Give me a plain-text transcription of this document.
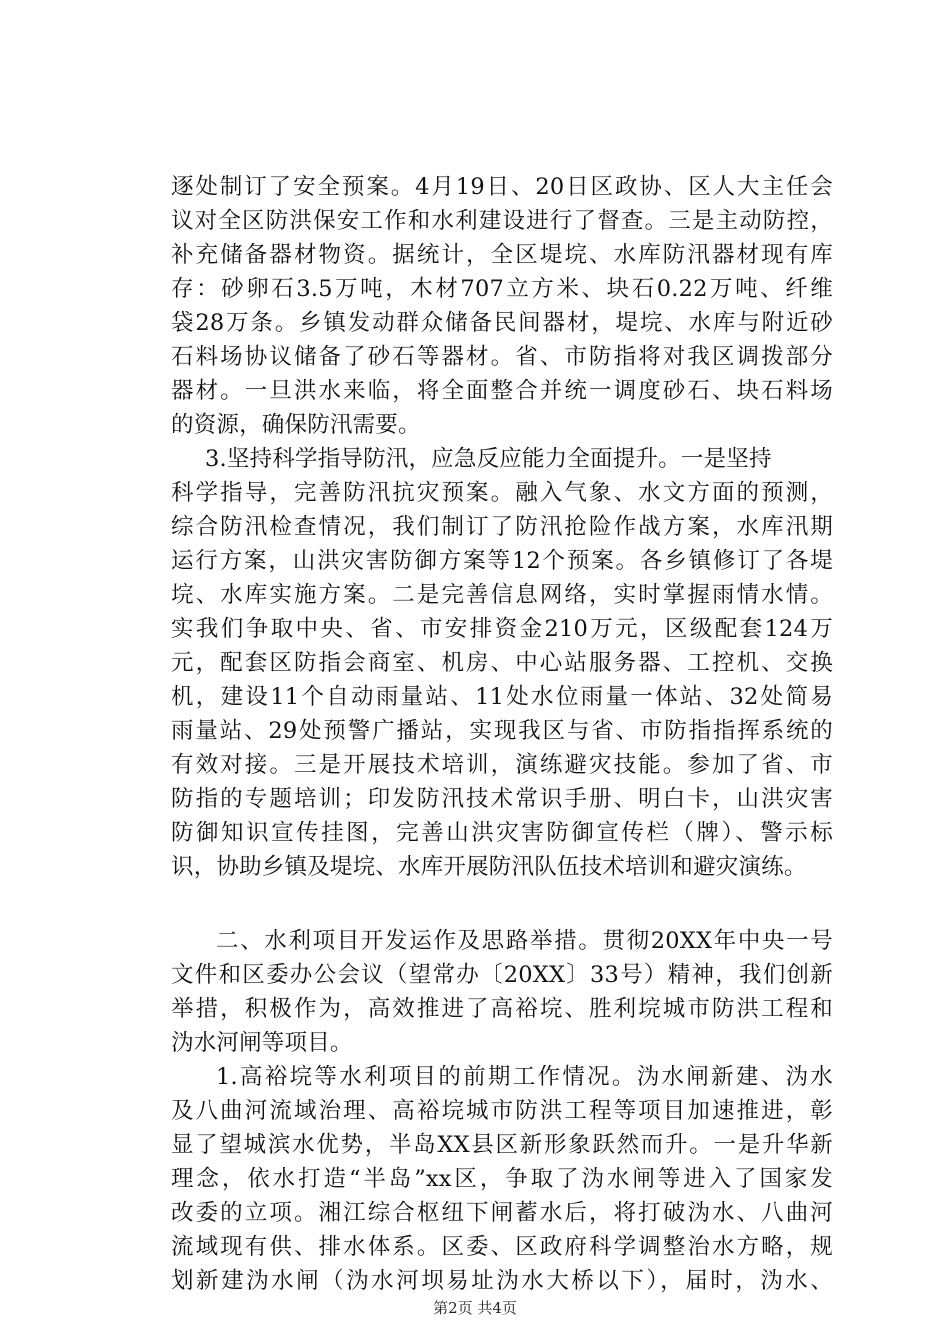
逐处制订了安全预案。4月19日、20日区政协、区人大主任会
议对全区防洪保安工作和水利建设进行了督查。三是主动防控，
补充储备器材物资。据统计，全区堤垸、水库防汛器材现有库
存：砂卵石3.5万吨，木材707立方米、块石0.22万吨、纤维
袋28万条。乡镇发动群众储备民间器材，堤垸、水库与附近砂
石料场协议储备了砂石等器材。省、市防指将对我区调拨部分
器材。一旦洪水来临，将全面整合并统一调度砂石、块石料场
的资源，确保防汛需要。
3.坚持科学指导防汛，应急反应能力全面提升。一是坚持
科学指导，完善防汛抗灾预案。融入气象、水文方面的预测，
综合防汛检查情况，我们制订了防汛抢险作战方案，水库汛期
运行方案，山洪灾害防御方案等12个预案。各乡镇修订了各堤
垸、水库实施方案。二是完善信息网络，实时掌握雨情水情。
实我们争取中央、省、市安排资金210万元，区级配套124万
元，配套区防指会商室、机房、中心站服务器、工控机、交换
机，建设11个自动雨量站、11处水位雨量一体站、32处简易
雨量站、29处预警广播站，实现我区与省、市防指指挥系统的
有效对接。三是开展技术培训，演练避灾技能。参加了省、市
防指的专题培训；印发防汛技术常识手册、明白卡，山洪灾害
防御知识宣传挂图，完善山洪灾害防御宣传栏（牌）、警示标
识，协助乡镇及堤垸、水库开展防汛队伍技术培训和避灾演练。
二、水利项目开发运作及思路举措。贯彻20XX年中央一号
文件和区委办公会议（望常办〔20XX〕33号）精神，我们创新
举措，积极作为，高效推进了高裕垸、胜利垸城市防洪工程和
沩水河闸等项目。
1.高裕垸等水利项目的前期工作情况。沩水闸新建、沩水
及八曲河流域治理、高裕垸城市防洪工程等项目加速推进，彰
显了望城滨水优势，半岛XX县区新形象跃然而升。一是升华新
理念，依水打造“半岛”xx区，争取了沩水闸等进入了国家发
改委的立项。湘江综合枢纽下闸蓄水后，将打破沩水、八曲河
流域现有供、排水体系。区委、区政府科学调整治水方略，规
划新建沩水闸（沩水河坝易址沩水大桥以下），届时，沩水、
第2页 共4页
